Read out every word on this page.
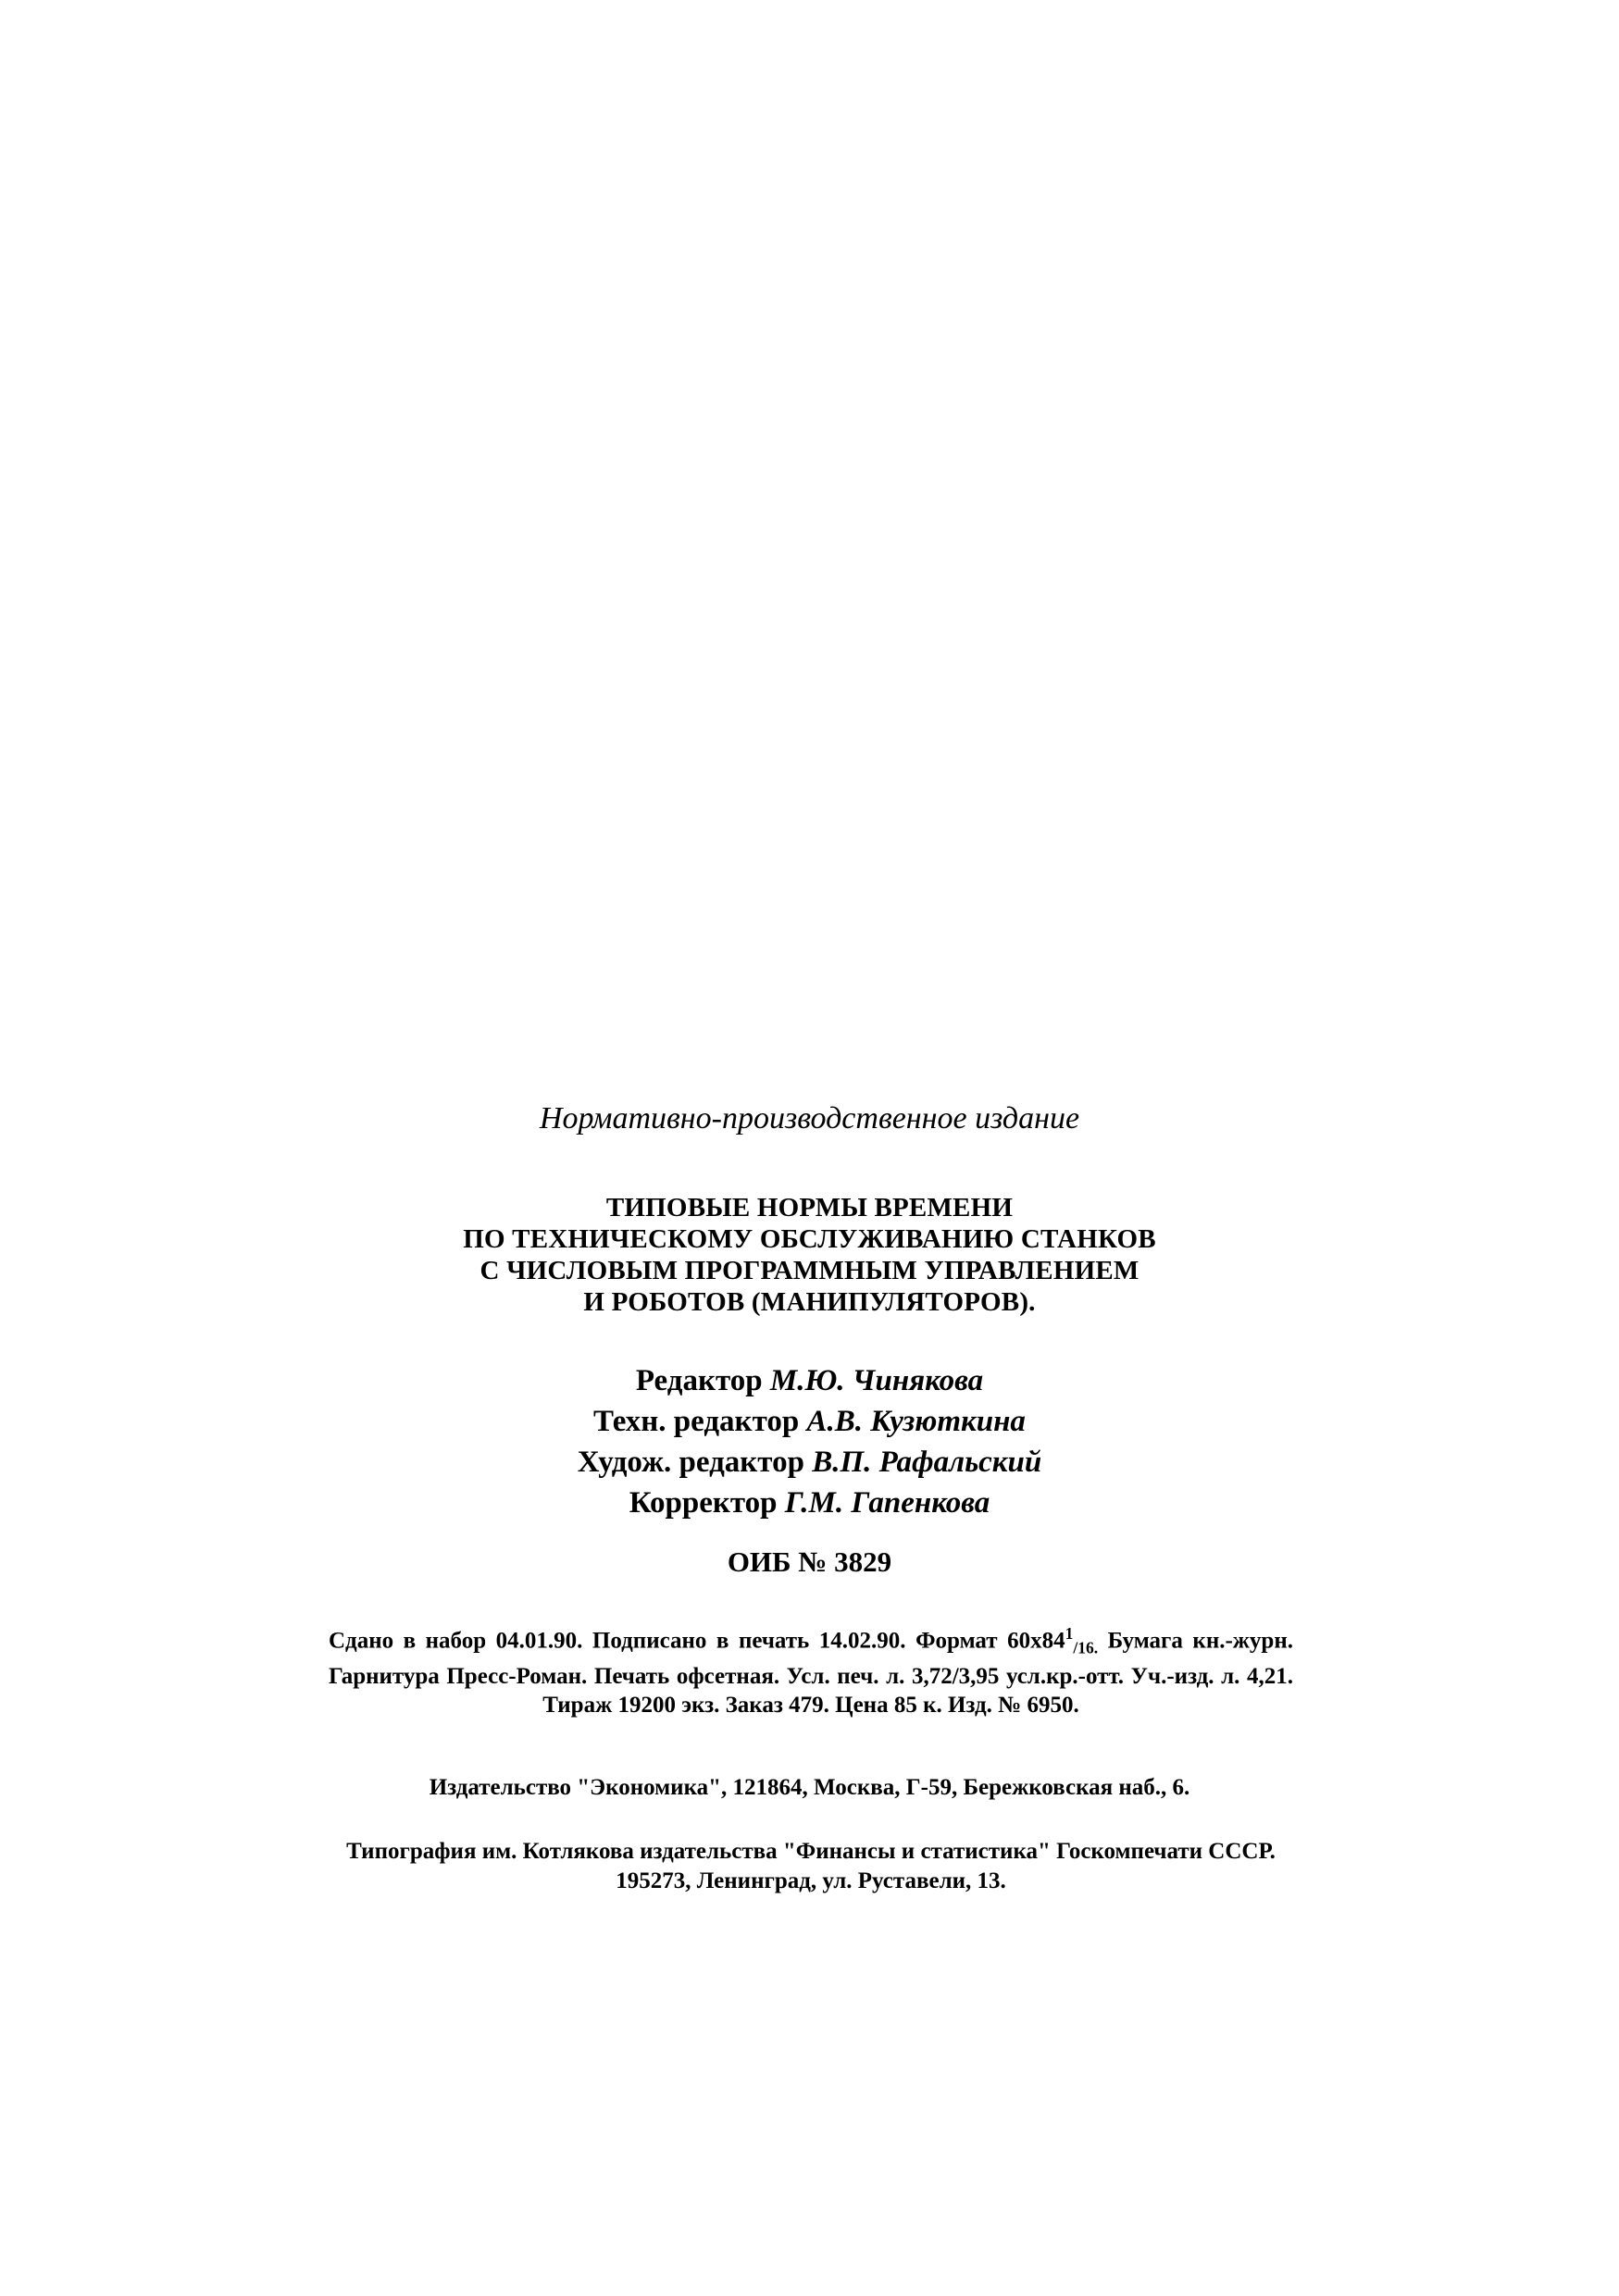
Нормативно-производственное издание
ТИПОВЫЕ НОРМЫ ВРЕМЕНИ
ПО ТЕХНИЧЕСКОМУ ОБСЛУЖИВАНИЮ СТАНКОВ
С ЧИСЛОВЫМ ПРОГРАММНЫМ УПРАВЛЕНИЕМ
И РОБОТОВ (МАНИПУЛЯТОРОВ).
Редактор М.Ю. Чинякова
Техн. редактор А.В. Кузюткина
Худож. редактор В.П. Рафальский
Корректор Г.М. Гапенкова
ОИБ № 3829
Сдано в набор 04.01.90. Подписано в печать 14.02.90. Формат $60x84^1_{/16.}$ Бумага кн.-журн. Гарнитура Пресс-Роман. Печать офсетная. Усл. печ. л. 3,72/3,95 усл.кр.-отт. Уч.-изд. л. 4,21. Тираж 19200 экз. Заказ 479. Цена 85 к. Изд. № 6950.
Издательство "Экономика", 121864, Москва, Г-59, Бережковская наб., 6.
Типография им. Котлякова издательства "Финансы и статистика" Госкомпечати СССР. 195273, Ленинград, ул. Руставели, 13.
